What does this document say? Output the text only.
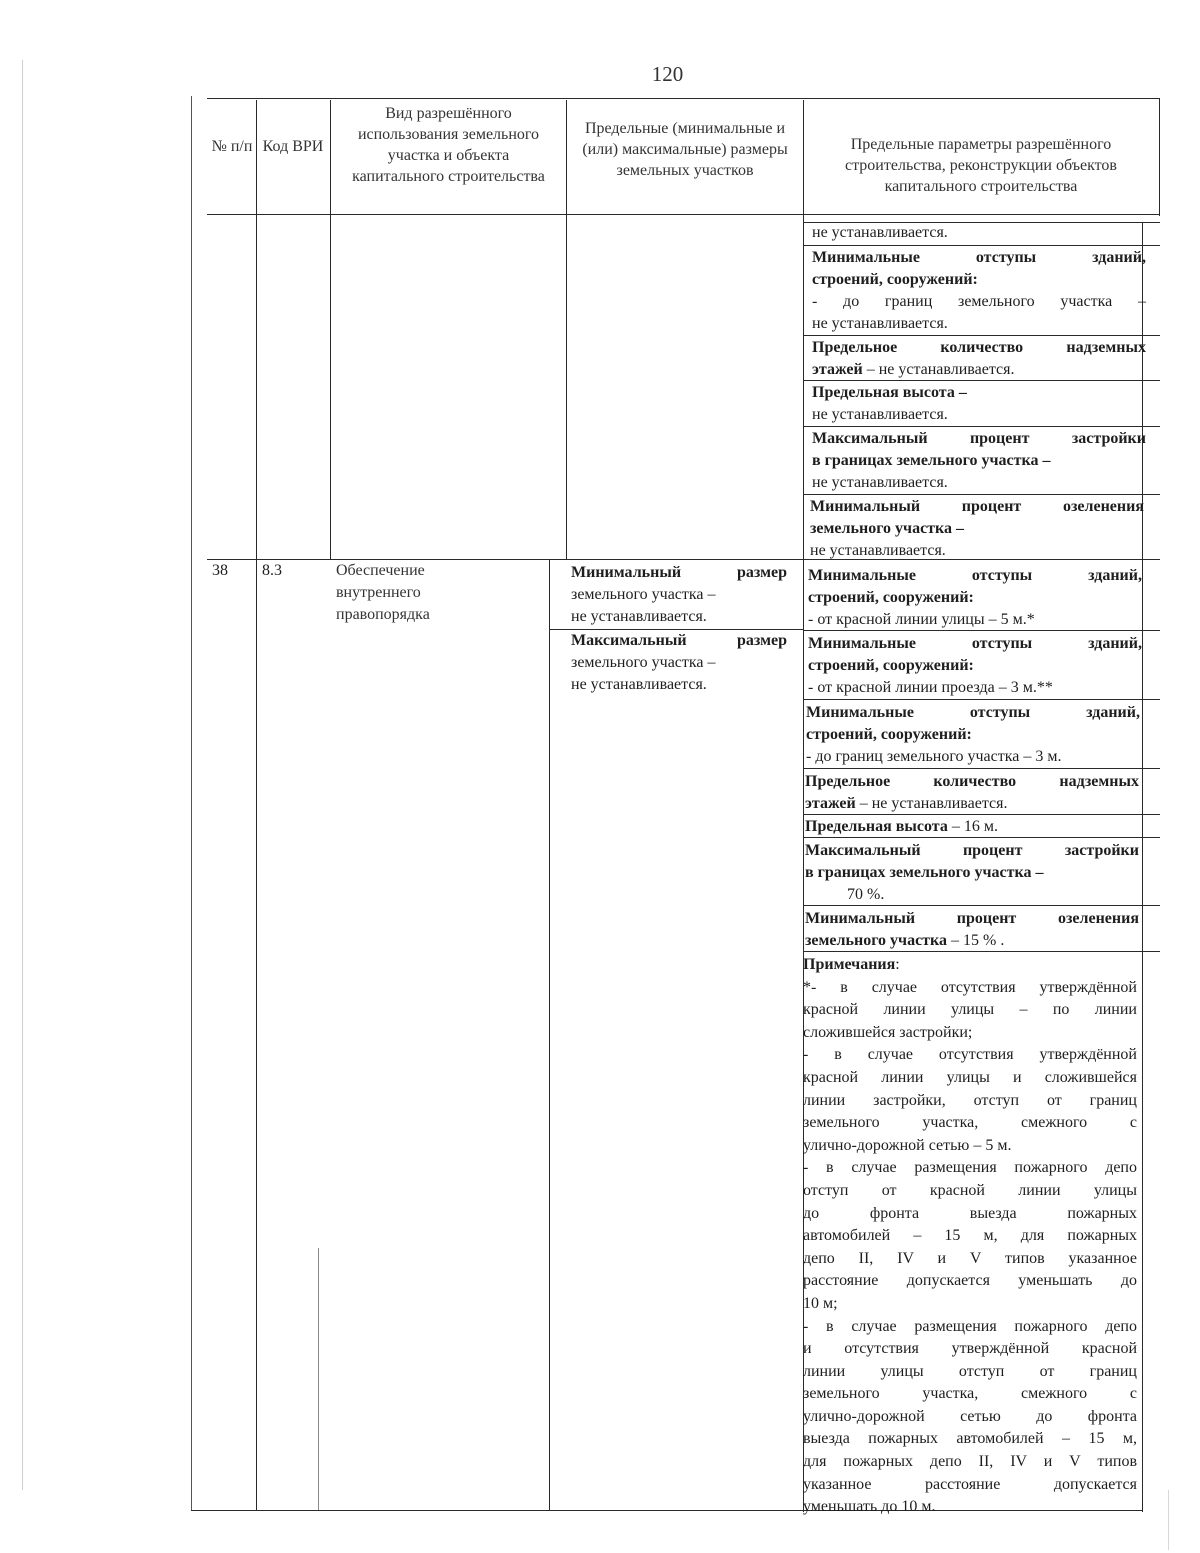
120
№ п/п Код ВРИ
Вид разрешённого использования земельного участка и объекта капитального строительства
Предельные (минимальные и (или) максимальные) размеры земельных участков
Предельные параметры разрешённого строительства, реконструкции объектов капитального строительства
не устанавливается.
Минимальные отступы зданий,
строений, сооружений:
- до границ земельного участка –
не устанавливается.
Предельное количество надземных
этажей – не устанавливается.
Предельная высота –
не устанавливается.
Максимальный процент застройки
в границах земельного участка –
не устанавливается.
Минимальный процент озеленения
земельного участка –
не устанавливается.
38	8.3	Обеспечение
внутреннего
правопорядка
Минимальный размер
земельного участка –
не устанавливается.
Максимальный размер
земельного участка –
не устанавливается.
Минимальные отступы зданий,
строений, сооружений:
- от красной линии улицы – 5 м.*
Минимальные отступы зданий,
строений, сооружений:
- от красной линии проезда – 3 м.**
Минимальные отступы зданий,
строений, сооружений:
- до границ земельного участка – 3 м.
Предельное количество надземных
этажей – не устанавливается.
Предельная высота – 16 м.
Максимальный процент застройки
в границах земельного участка –
70 %.
Минимальный процент озеленения
земельного участка – 15 % .
Примечания:
*- в случае отсутствия утверждённой
красной линии улицы – по линии
сложившейся застройки;
- в случае отсутствия утверждённой
красной линии улицы и сложившейся
линии застройки, отступ от границ
земельного участка, смежного с
улично-дорожной сетью – 5 м.
- в случае размещения пожарного депо
отступ от красной линии улицы
до фронта выезда пожарных
автомобилей – 15 м, для пожарных
депо II, IV и V типов указанное
расстояние допускается уменьшать до
10 м;
- в случае размещения пожарного депо
и отсутствия утверждённой красной
линии улицы отступ от границ
земельного участка, смежного с
улично-дорожной сетью до фронта
выезда пожарных автомобилей – 15 м,
для пожарных депо II, IV и V типов
указанное расстояние допускается
уменьшать до 10 м.
